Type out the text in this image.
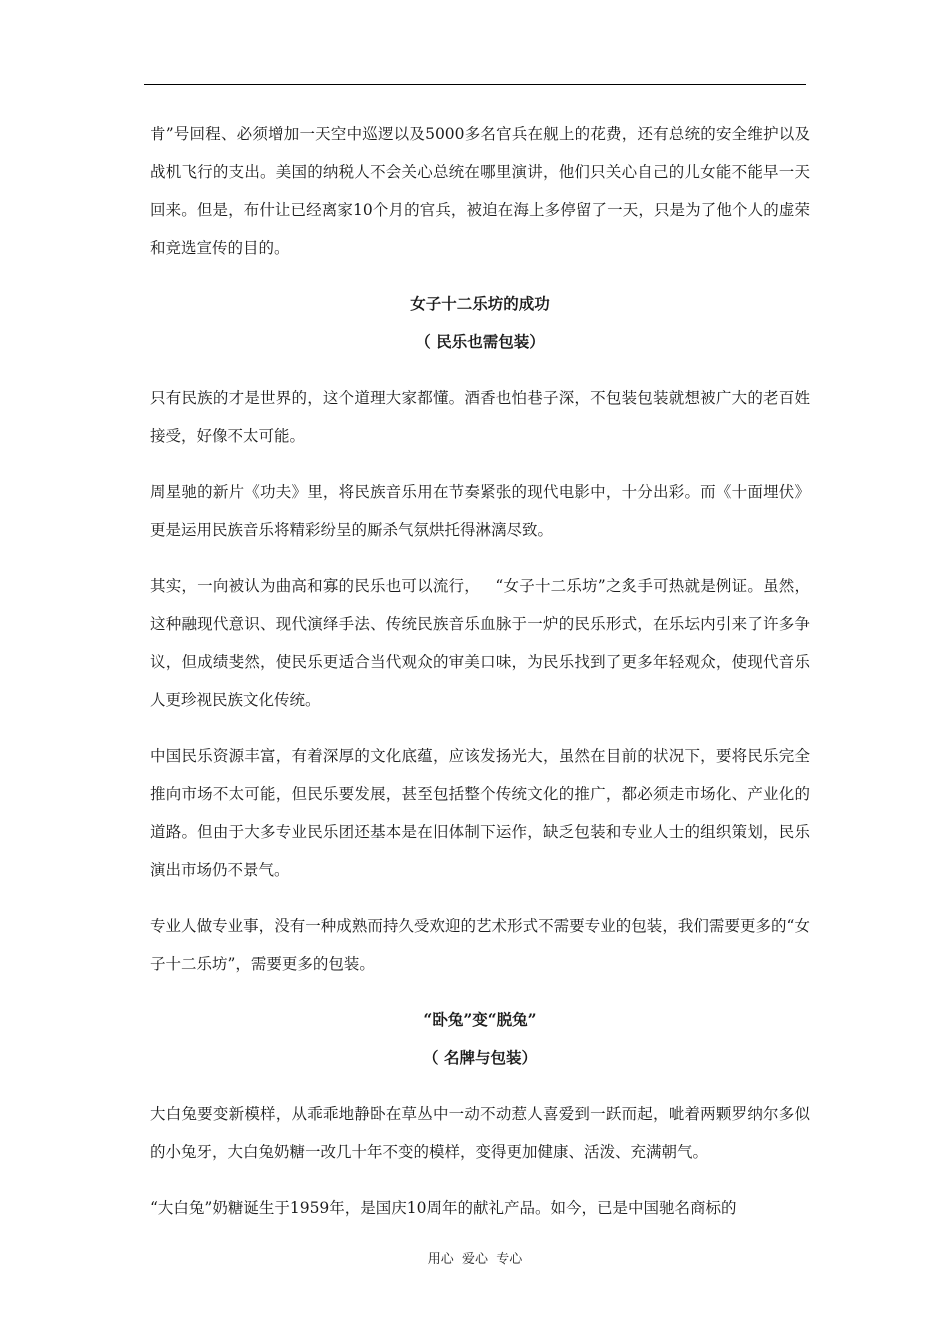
肯”号回程、必须增加一天空中巡逻以及5000多名官兵在舰上的花费，还有总统的安全维护以及战机飞行的支出。美国的纳税人不会关心总统在哪里演讲，他们只关心自己的儿女能不能早一天回来。但是，布什让已经离家10个月的官兵，被迫在海上多停留了一天，只是为了他个人的虚荣和竞选宣传的目的。

女子十二乐坊的成功

（ 民乐也需包装）

只有民族的才是世界的，这个道理大家都懂。酒香也怕巷子深，不包装包装就想被广大的老百姓接受，好像不太可能。

周星驰的新片《功夫》里，将民族音乐用在节奏紧张的现代电影中，十分出彩。而《十面埋伏》更是运用民族音乐将精彩纷呈的厮杀气氛烘托得淋漓尽致。

其实，一向被认为曲高和寡的民乐也可以流行，   “女子十二乐坊”之炙手可热就是例证。虽然，这种融现代意识、现代演绎手法、传统民族音乐血脉于一炉的民乐形式，在乐坛内引来了许多争议，但成绩斐然，使民乐更适合当代观众的审美口味，为民乐找到了更多年轻观众，使现代音乐人更珍视民族文化传统。

中国民乐资源丰富，有着深厚的文化底蕴，应该发扬光大，虽然在目前的状况下，要将民乐完全推向市场不太可能，但民乐要发展，甚至包括整个传统文化的推广，都必须走市场化、产业化的道路。但由于大多专业民乐团还基本是在旧体制下运作，缺乏包装和专业人士的组织策划，民乐演出市场仍不景气。

专业人做专业事，没有一种成熟而持久受欢迎的艺术形式不需要专业的包装，我们需要更多的“女子十二乐坊”，需要更多的包装。

“卧兔”变“脱兔”

（ 名牌与包装）

大白兔要变新模样，从乖乖地静卧在草丛中一动不动惹人喜爱到一跃而起，呲着两颗罗纳尔多似的小兔牙，大白兔奶糖一改几十年不变的模样，变得更加健康、活泼、充满朝气。

“大白兔”奶糖诞生于1959年，是国庆10周年的献礼产品。如今，已是中国驰名商标的

用心  爱心  专心
